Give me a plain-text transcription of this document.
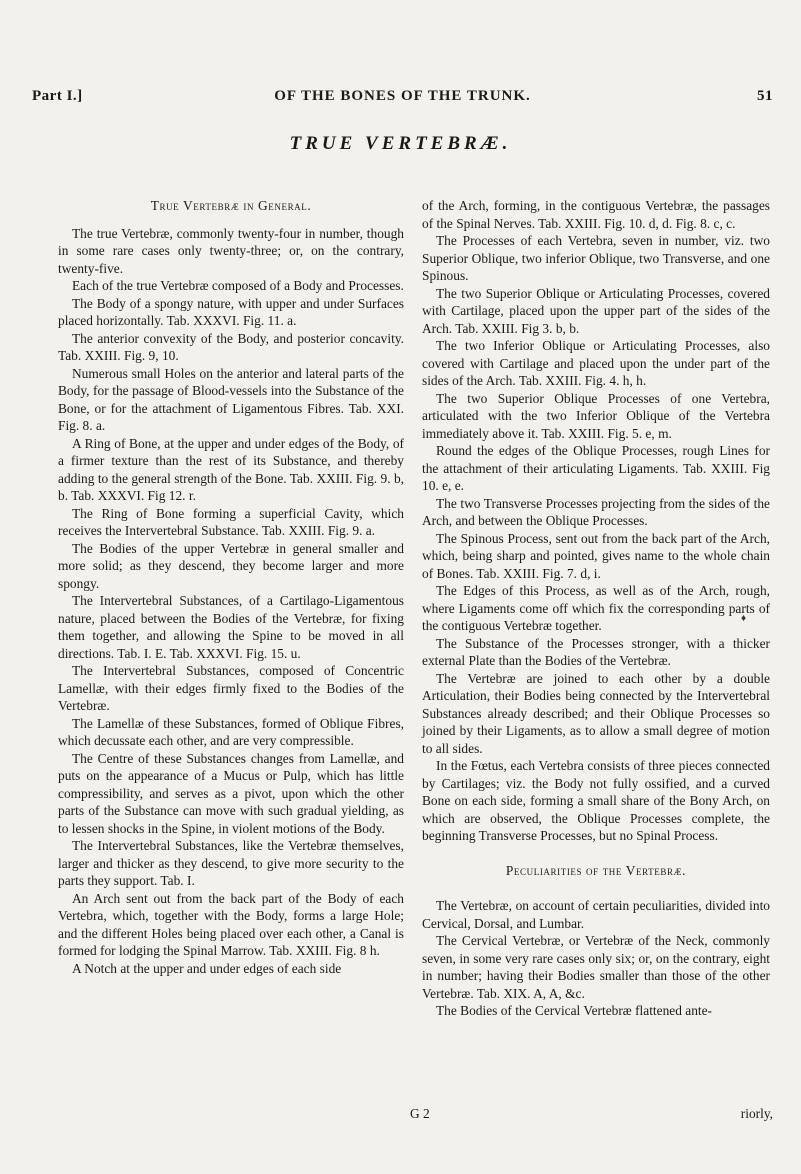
Part I.]	OF THE BONES OF THE TRUNK.	51
TRUE VERTEBRÆ.
True Vertebræ in General.

The true Vertebræ, commonly twenty-four in number, though in some rare cases only twenty-three; or, on the contrary, twenty-five.

Each of the true Vertebræ composed of a Body and Processes.

The Body of a spongy nature, with upper and under Surfaces placed horizontally. Tab. XXXVI. Fig. 11. a.

The anterior convexity of the Body, and posterior concavity. Tab. XXIII. Fig. 9, 10.

Numerous small Holes on the anterior and lateral parts of the Body, for the passage of Blood-vessels into the Substance of the Bone, or for the attachment of Ligamentous Fibres. Tab. XXI. Fig. 8. a.

A Ring of Bone, at the upper and under edges of the Body, of a firmer texture than the rest of its Substance, and thereby adding to the general strength of the Bone. Tab. XXIII. Fig. 9. b, b. Tab. XXXVI. Fig 12. r.

The Ring of Bone forming a superficial Cavity, which receives the Intervertebral Substance. Tab. XXIII. Fig. 9. a.

The Bodies of the upper Vertebræ in general smaller and more solid; as they descend, they become larger and more spongy.

The Intervertebral Substances, of a Cartilago-Ligamentous nature, placed between the Bodies of the Vertebræ, for fixing them together, and allowing the Spine to be moved in all directions. Tab. I. E. Tab. XXXVI. Fig. 15. u.

The Intervertebral Substances, composed of Concentric Lamellæ, with their edges firmly fixed to the Bodies of the Vertebræ.

The Lamellæ of these Substances, formed of Oblique Fibres, which decussate each other, and are very compressible.

The Centre of these Substances changes from Lamellæ, and puts on the appearance of a Mucus or Pulp, which has little compressibility, and serves as a pivot, upon which the other parts of the Substance can move with such gradual yielding, as to lessen shocks in the Spine, in violent motions of the Body.

The Intervertebral Substances, like the Vertebræ themselves, larger and thicker as they descend, to give more security to the parts they support. Tab. I.

An Arch sent out from the back part of the Body of each Vertebra, which, together with the Body, forms a large Hole; and the different Holes being placed over each other, a Canal is formed for lodging the Spinal Marrow. Tab. XXIII. Fig. 8 h.

A Notch at the upper and under edges of each side

of the Arch, forming, in the contiguous Vertebræ, the passages of the Spinal Nerves. Tab. XXIII. Fig. 10. d, d. Fig. 8. c, c.

The Processes of each Vertebra, seven in number, viz. two Superior Oblique, two inferior Oblique, two Transverse, and one Spinous.

The two Superior Oblique or Articulating Processes, covered with Cartilage, placed upon the upper part of the sides of the Arch. Tab. XXIII. Fig 3. b, b.

The two Inferior Oblique or Articulating Processes, also covered with Cartilage and placed upon the under part of the sides of the Arch. Tab. XXIII. Fig. 4. h, h.

The two Superior Oblique Processes of one Vertebra, articulated with the two Inferior Oblique of the Vertebra immediately above it. Tab. XXIII. Fig. 5. e, m.

Round the edges of the Oblique Processes, rough Lines for the attachment of their articulating Ligaments. Tab. XXIII. Fig 10. e, e.

The two Transverse Processes projecting from the sides of the Arch, and between the Oblique Processes.

The Spinous Process, sent out from the back part of the Arch, which, being sharp and pointed, gives name to the whole chain of Bones. Tab. XXIII. Fig. 7. d, i.

The Edges of this Process, as well as of the Arch, rough, where Ligaments come off which fix the corresponding parts of the contiguous Vertebræ together.

The Substance of the Processes stronger, with a thicker external Plate than the Bodies of the Vertebræ.

The Vertebræ are joined to each other by a double Articulation, their Bodies being connected by the Intervertebral Substances already described; and their Oblique Processes so joined by their Ligaments, as to allow a small degree of motion to all sides.

In the Fœtus, each Vertebra consists of three pieces connected by Cartilages; viz. the Body not fully ossified, and a curved Bone on each side, forming a small share of the Bony Arch, on which are observed, the Oblique Processes complete, the beginning Transverse Processes, but no Spinal Process.

Peculiarities of the Vertebræ.

The Vertebræ, on account of certain peculiarities, divided into Cervical, Dorsal, and Lumbar.

The Cervical Vertebræ, or Vertebræ of the Neck, commonly seven, in some very rare cases only six; or, on the contrary, eight in number; having their Bodies smaller than those of the other Vertebræ. Tab. XIX. A, A, &c.

The Bodies of the Cervical Vertebræ flattened ante-

♦
G 2	riorly,
